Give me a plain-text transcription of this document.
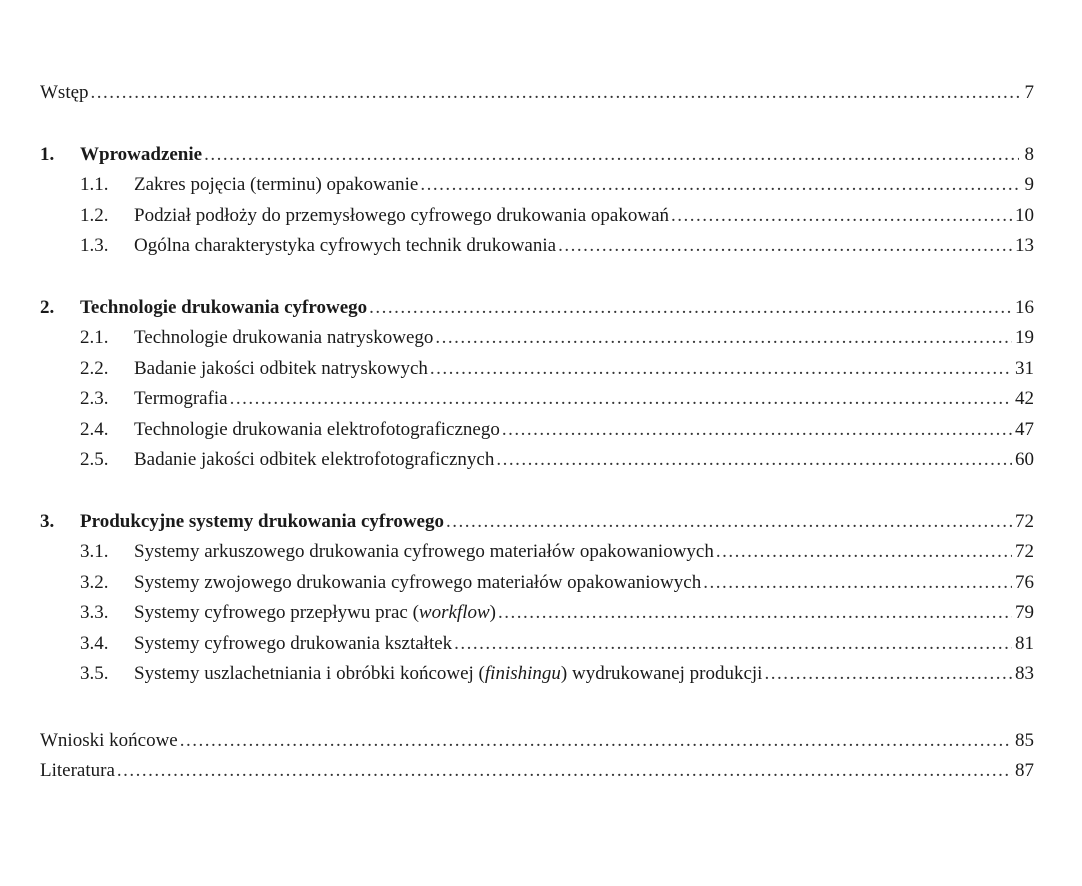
Wstęp .....	7
1.	Wprowadzenie .....	8
1.1.	Zakres pojęcia (terminu) opakowanie .....	9
1.2.	Podział podłoży do przemysłowego cyfrowego drukowania opakowań .....	10
1.3.	Ogólna charakterystyka cyfrowych technik drukowania .....	13
2.	Technologie drukowania cyfrowego .....	16
2.1.	Technologie drukowania natryskowego .....	19
2.2.	Badanie jakości odbitek natryskowych .....	31
2.3.	Termografia .....	42
2.4.	Technologie drukowania elektrofotograficznego .....	47
2.5.	Badanie jakości odbitek elektrofotograficznych .....	60
3.	Produkcyjne systemy drukowania cyfrowego .....	72
3.1.	Systemy arkuszowego drukowania cyfrowego materiałów opakowaniowych .....	72
3.2.	Systemy zwojowego drukowania cyfrowego materiałów opakowaniowych .....	76
3.3.	Systemy cyfrowego przepływu prac (workflow) .....	79
3.4.	Systemy cyfrowego drukowania kształtek .....	81
3.5.	Systemy uszlachetniania i obróbki końcowej (finishingu) wydrukowanej produkcji .....	83
Wnioski końcowe .....	85
Literatura .....	87
